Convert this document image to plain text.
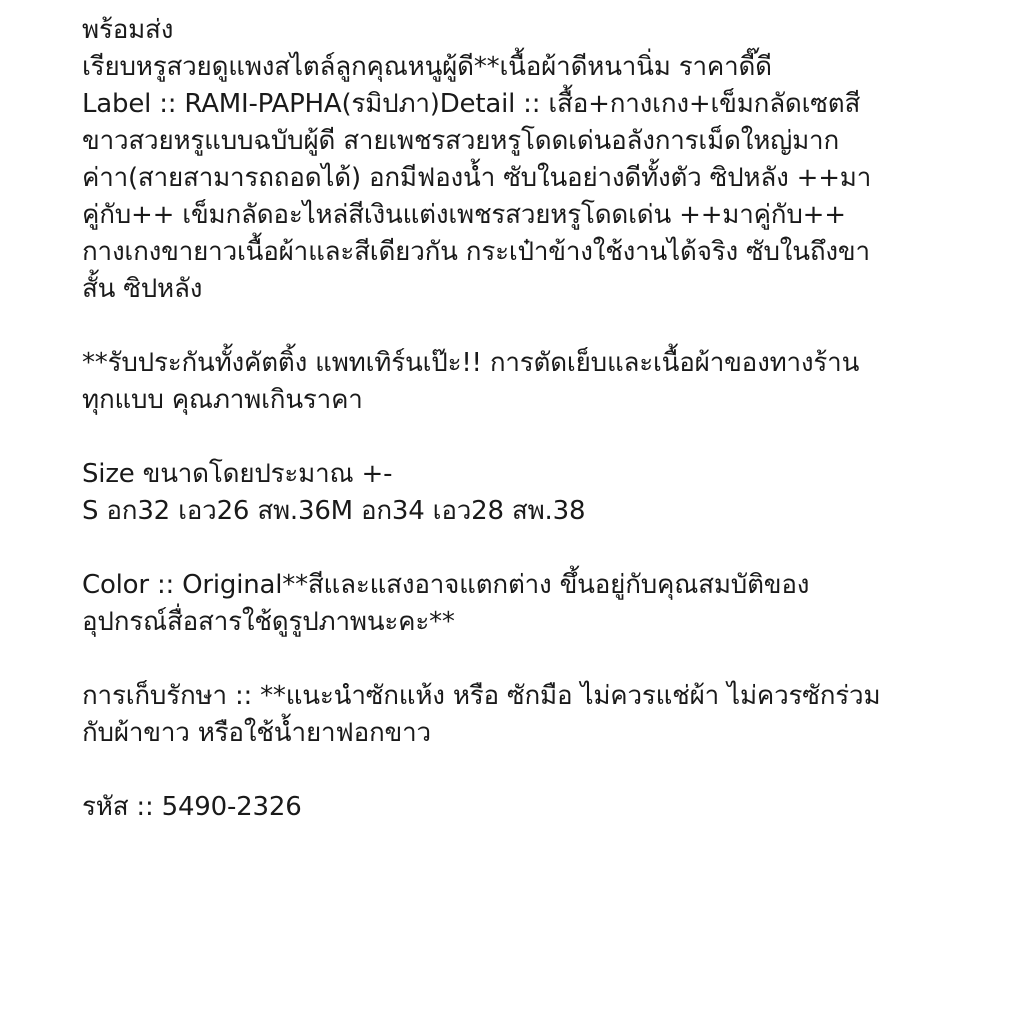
พร้อมส่ง
เรียบหรูสวยดูแพงสไตล์ลูกคุณหนูผู้ดี**เนื้อผ้าดีหนานิ่ม ราคาดี๊ดี
Label :: RAMI-PAPHA(รมิปภา)Detail :: เสื้อ+กางเกง+เข็มกลัดเซตสี
ขาวสวยหรูแบบฉบับผู้ดี สายเพชรสวยหรูโดดเด่นอลังการเม็ดใหญ่มาก
ค่าา(สายสามารถถอดได้) อกมีฟองน้ำ ซับในอย่างดีทั้งตัว ซิปหลัง ++มา
คู่กับ++ เข็มกลัดอะไหล่สีเงินแต่งเพชรสวยหรูโดดเด่น ++มาคู่กับ++
กางเกงขายาวเนื้อผ้าและสีเดียวกัน กระเป๋าข้างใช้งานได้จริง ซับในถึงขา
สั้น ซิปหลัง
**รับประกันทั้งคัตติ้ง แพทเทิร์นเป๊ะ!! การตัดเย็บและเนื้อผ้าของทางร้าน
ทุกแบบ คุณภาพเกินราคา
Size ขนาดโดยประมาณ +-
S อก32 เอว26 สพ.36M อก34 เอว28 สพ.38
Color :: Original**สีและแสงอาจแตกต่าง ขึ้นอยู่กับคุณสมบัติของ
อุปกรณ์สื่อสารใช้ดูรูปภาพนะคะ**
การเก็บรักษา :: **แนะนำซักแห้ง หรือ ซักมือ ไม่ควรแช่ผ้า ไม่ควรซักร่วม
กับผ้าขาว หรือใช้น้ำยาฟอกขาว
รหัส :: 5490-2326
